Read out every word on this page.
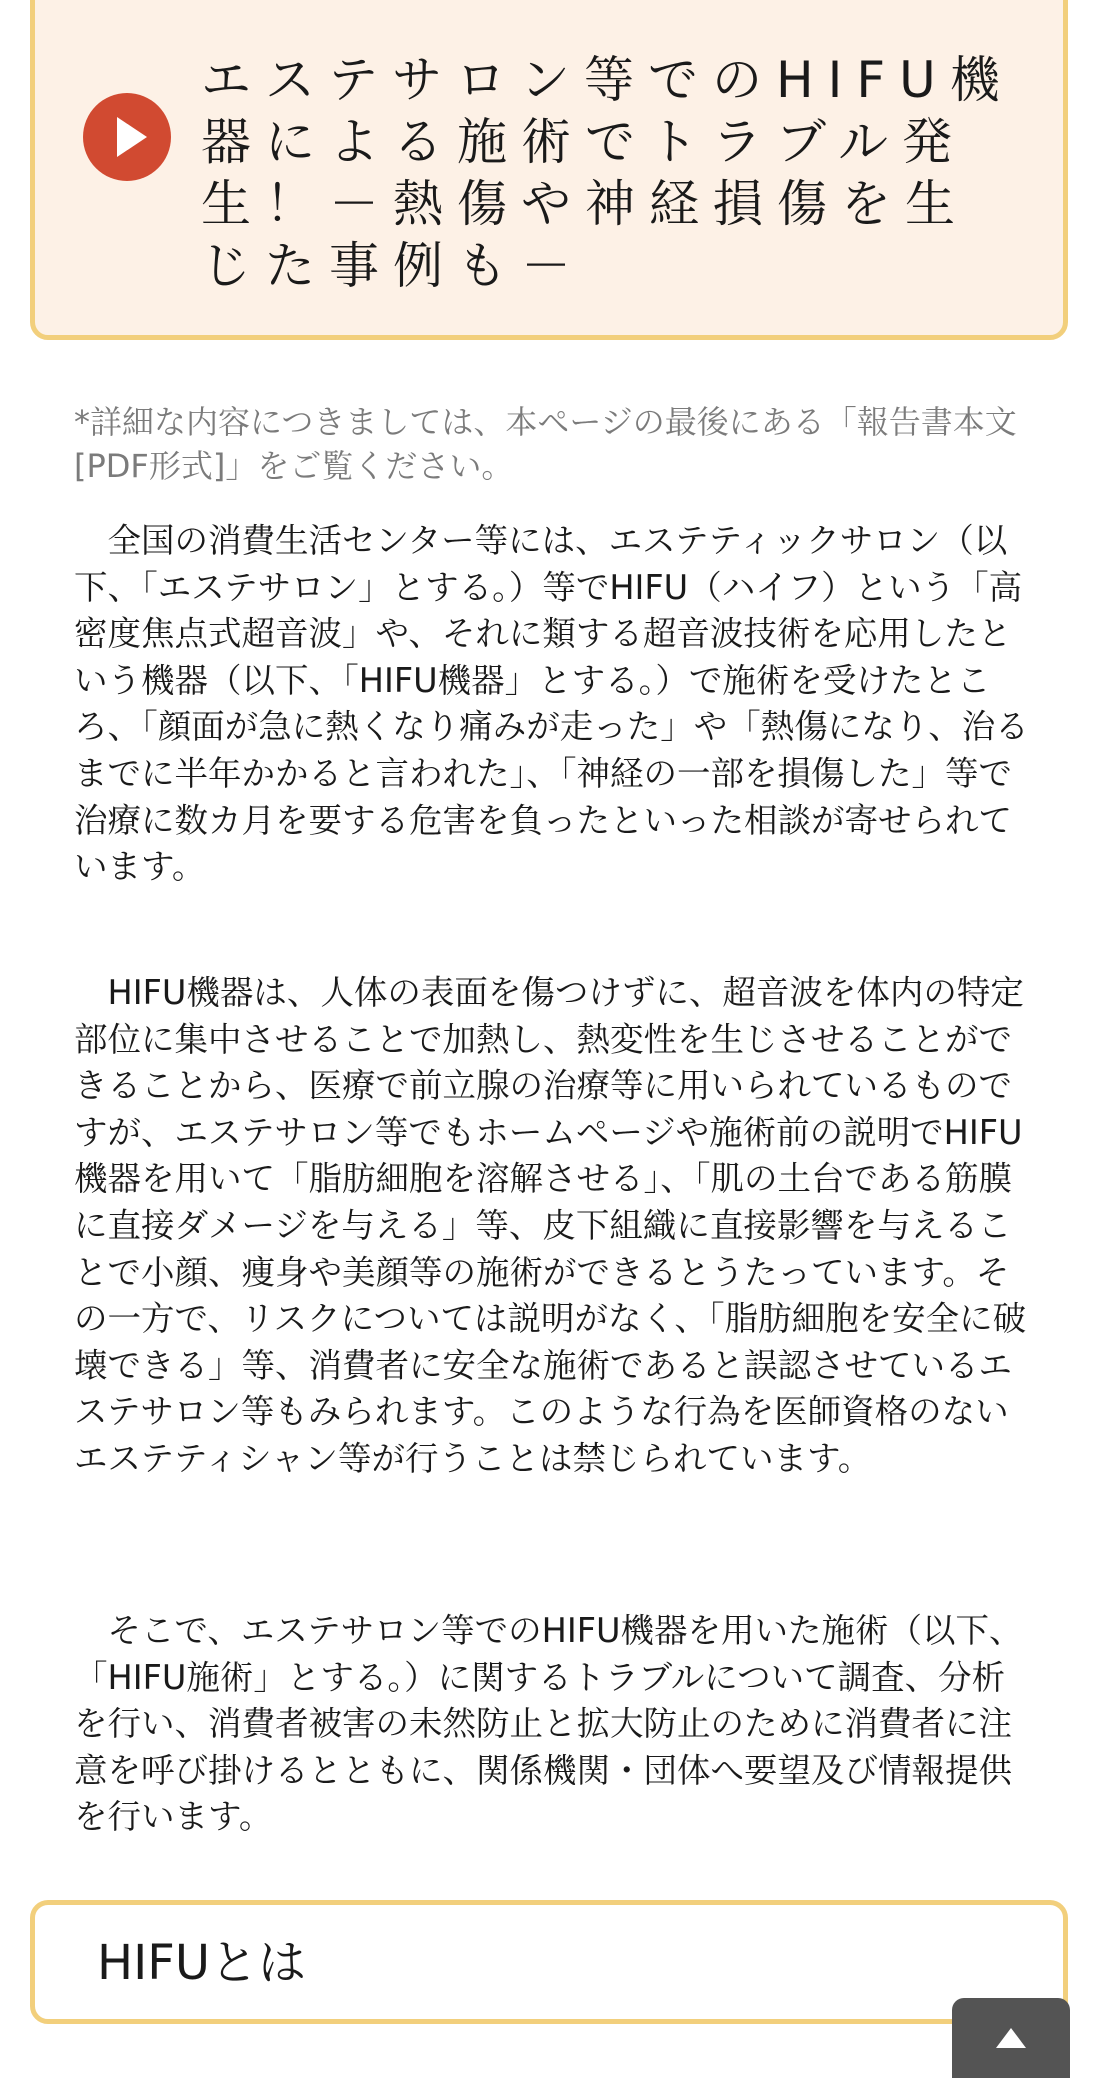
エステサロン等でのHIFU機器による施術でトラブル発生！－熱傷や神経損傷を生じた事例も－

*詳細な内容につきましては、本ページの最後にある「報告書本文[PDF形式]」をご覧ください。

全国の消費生活センター等には、エステティックサロン（以下、「エステサロン」とする。）等でHIFU（ハイフ）という「高密度焦点式超音波」や、それに類する超音波技術を応用したという機器（以下、「HIFU機器」とする。）で施術を受けたところ、「顔面が急に熱くなり痛みが走った」や「熱傷になり、治るまでに半年かかると言われた」、「神経の一部を損傷した」等で治療に数カ月を要する危害を負ったといった相談が寄せられています。

HIFU機器は、人体の表面を傷つけずに、超音波を体内の特定部位に集中させることで加熱し、熱変性を生じさせることができることから、医療で前立腺の治療等に用いられているものですが、エステサロン等でもホームページや施術前の説明でHIFU機器を用いて「脂肪細胞を溶解させる」、「肌の土台である筋膜に直接ダメージを与える」等、皮下組織に直接影響を与えることで小顔、痩身や美顔等の施術ができるとうたっています。その一方で、リスクについては説明がなく、「脂肪細胞を安全に破壊できる」等、消費者に安全な施術であると誤認させているエステサロン等もみられます。このような行為を医師資格のないエステティシャン等が行うことは禁じられています。

そこで、エステサロン等でのHIFU機器を用いた施術（以下、「HIFU施術」とする。）に関するトラブルについて調査、分析を行い、消費者被害の未然防止と拡大防止のために消費者に注意を呼び掛けるとともに、関係機関・団体へ要望及び情報提供を行います。

HIFUとは
